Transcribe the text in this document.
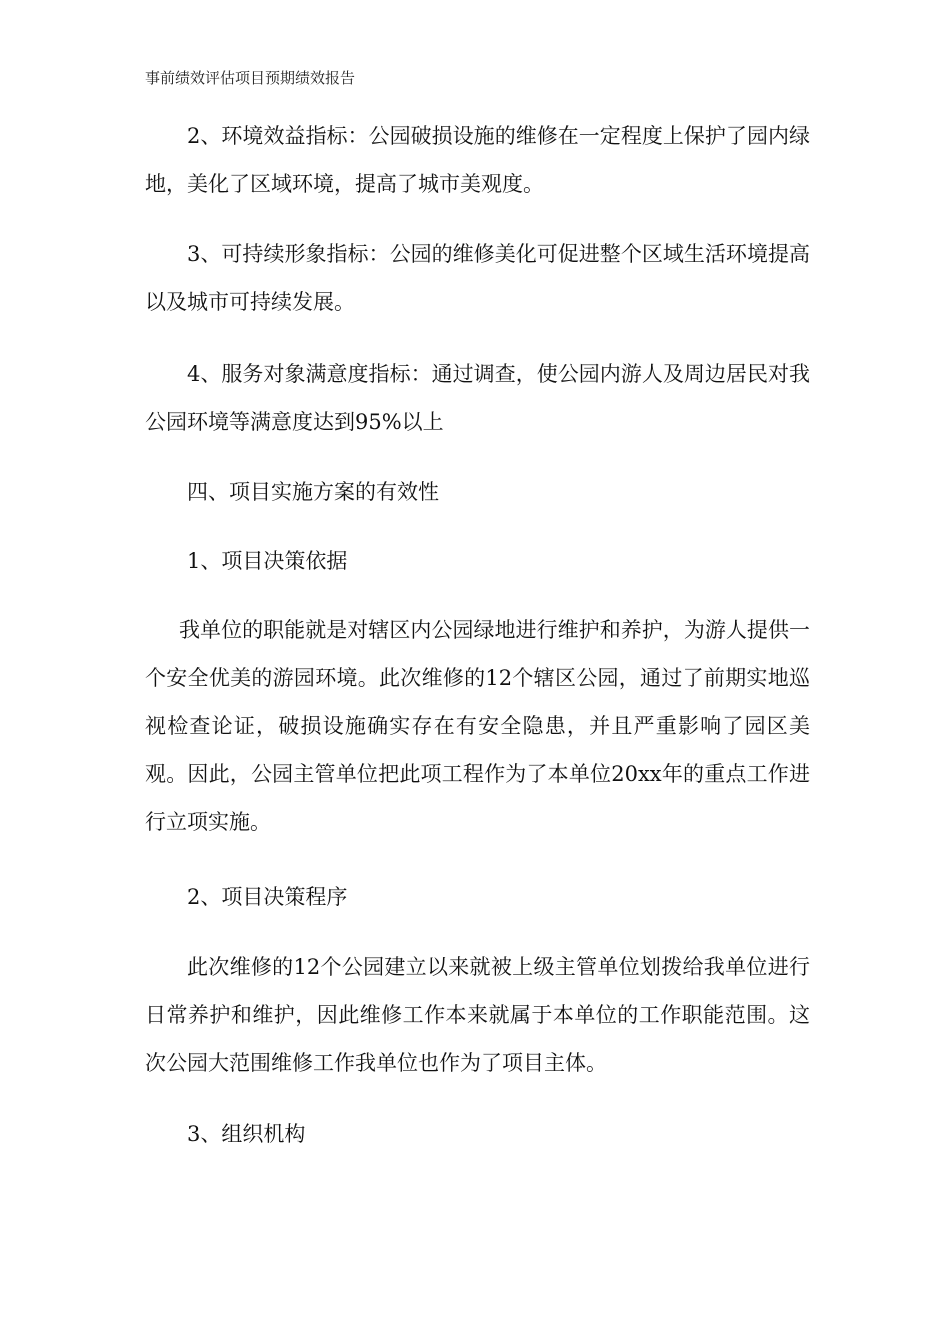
事前绩效评估项目预期绩效报告

2、环境效益指标：公园破损设施的维修在一定程度上保护了园内绿地，美化了区域环境，提高了城市美观度。

3、可持续形象指标：公园的维修美化可促进整个区域生活环境提高以及城市可持续发展。

4、服务对象满意度指标：通过调查，使公园内游人及周边居民对我公园环境等满意度达到95%以上

四、项目实施方案的有效性

1、项目决策依据

我单位的职能就是对辖区内公园绿地进行维护和养护，为游人提供一个安全优美的游园环境。此次维修的12个辖区公园，通过了前期实地巡视检查论证，破损设施确实存在有安全隐患，并且严重影响了园区美观。因此，公园主管单位把此项工程作为了本单位20xx年的重点工作进行立项实施。

2、项目决策程序

此次维修的12个公园建立以来就被上级主管单位划拨给我单位进行日常养护和维护，因此维修工作本来就属于本单位的工作职能范围。这次公园大范围维修工作我单位也作为了项目主体。

3、组织机构
